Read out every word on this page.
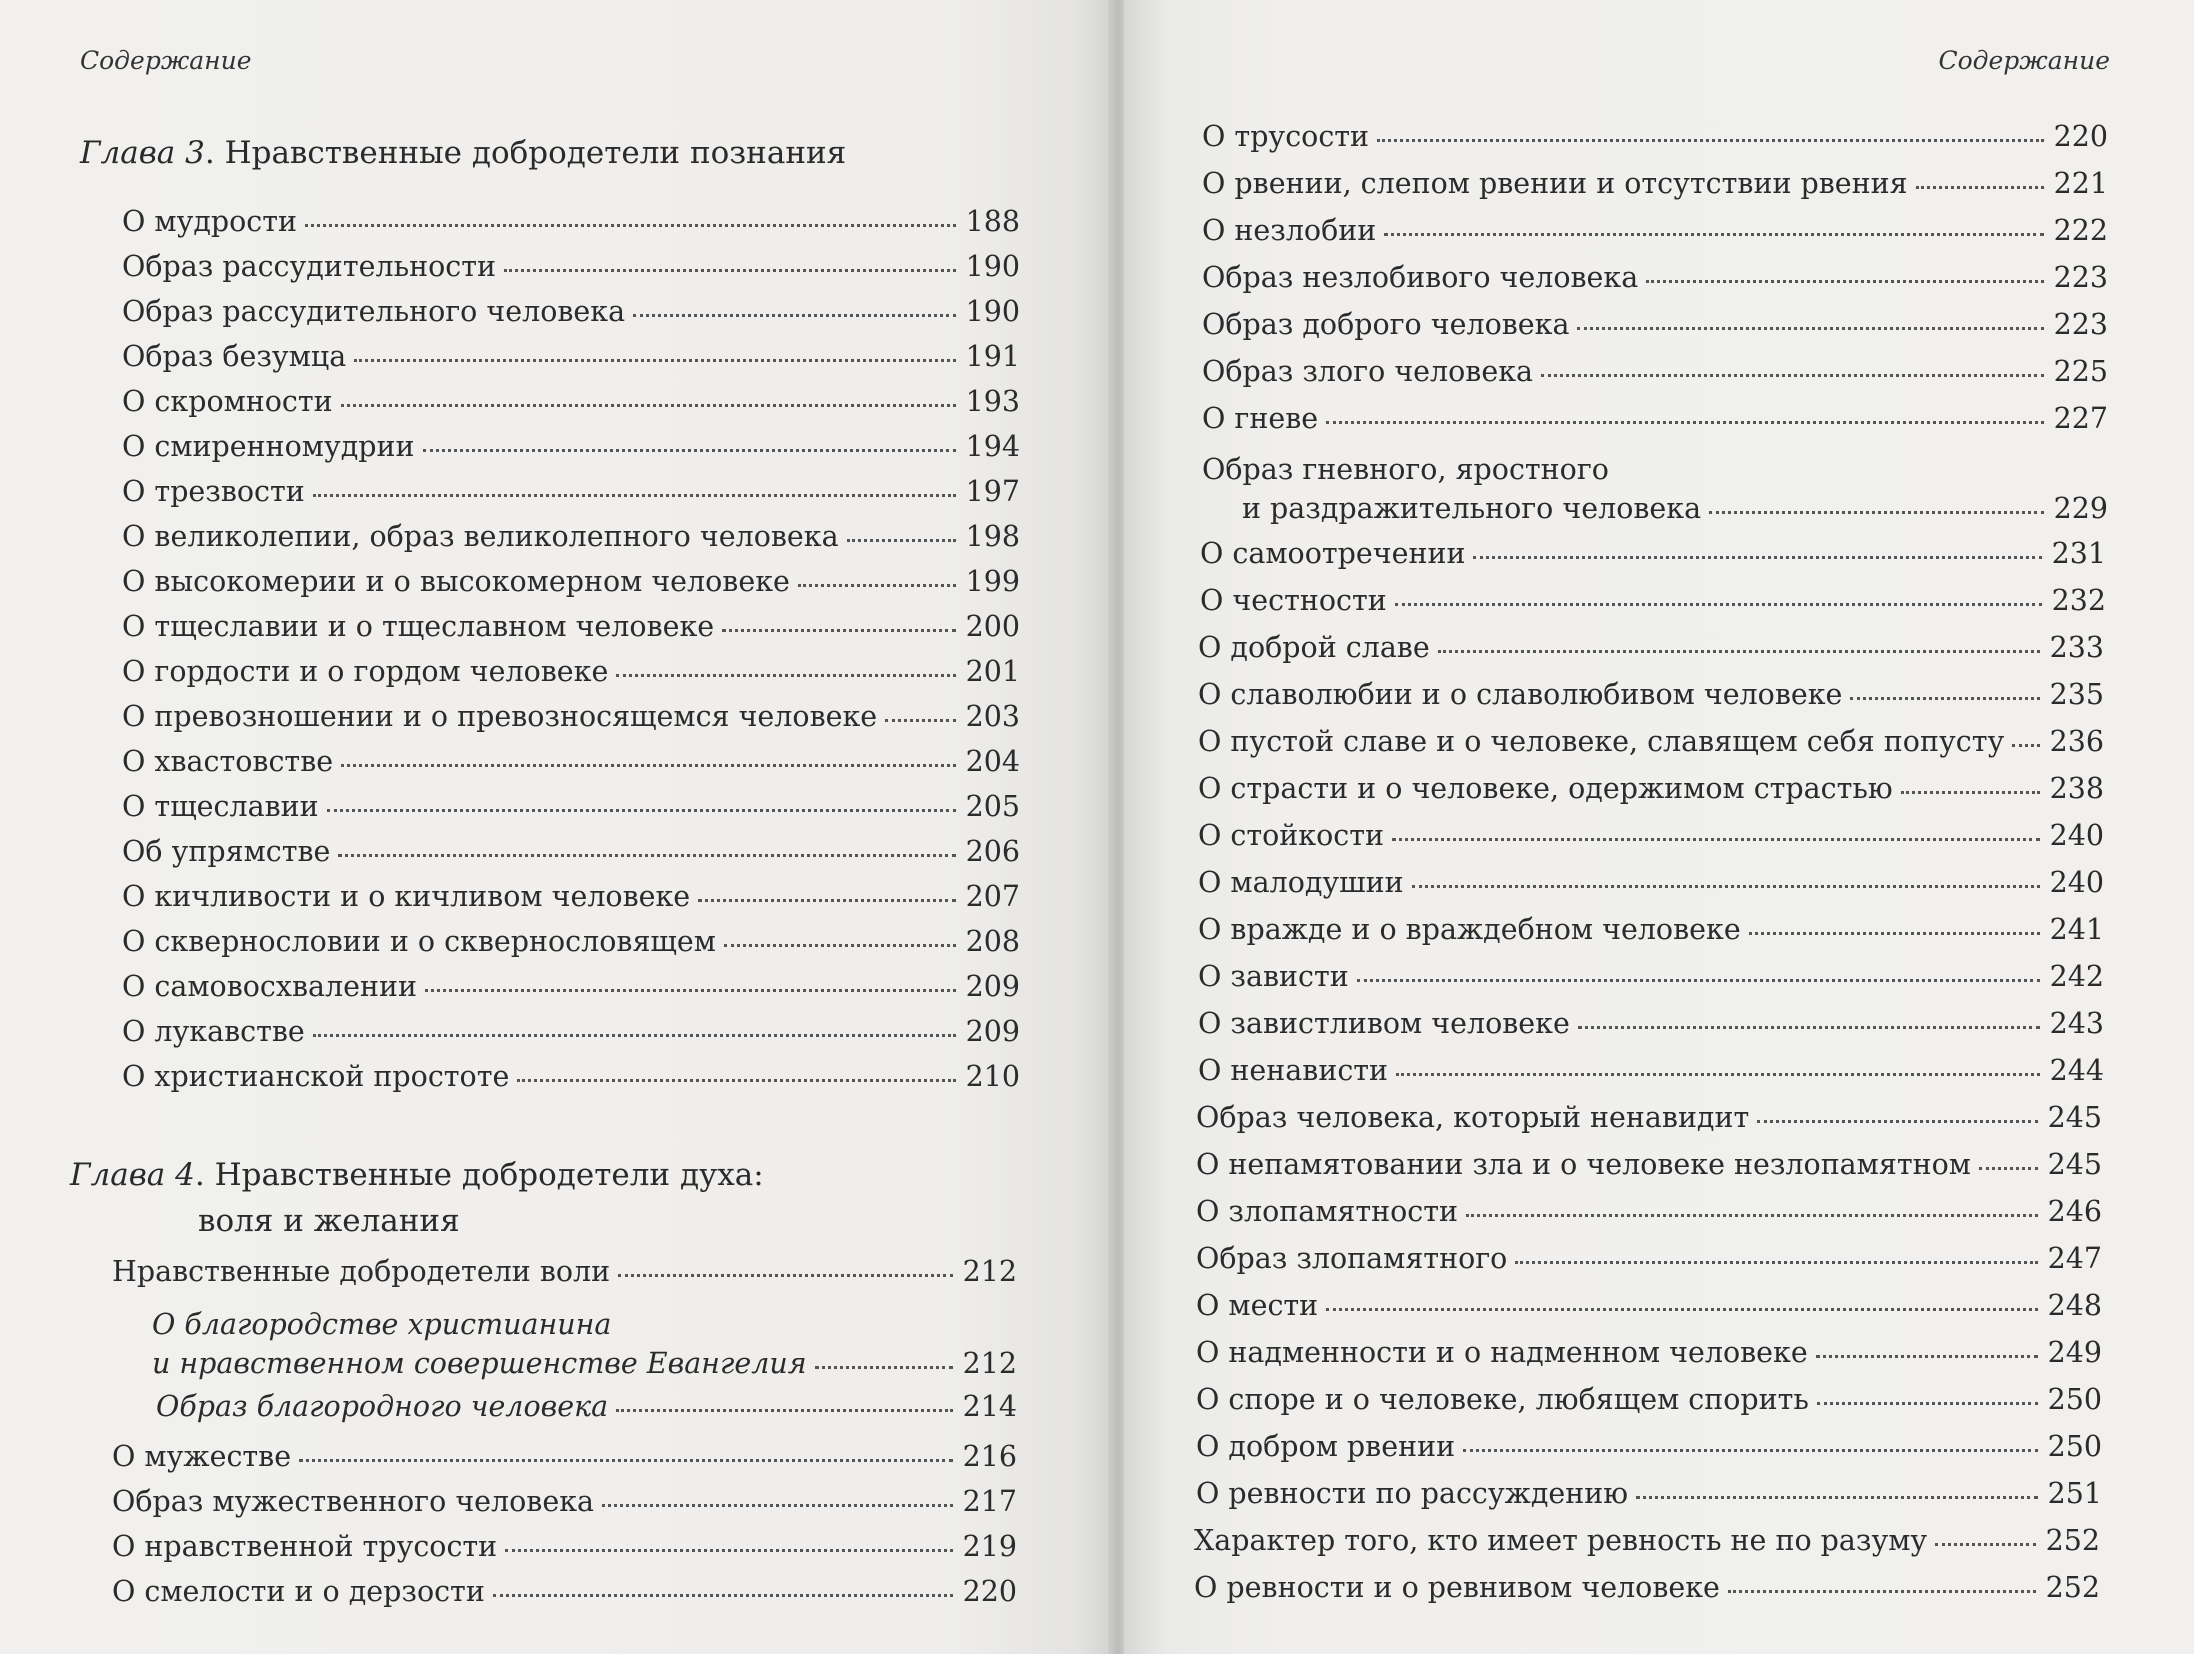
Содержание
Глава 3. Нравственные добродетели познания
О мудрости	188
Образ рассудительности	190
Образ рассудительного человека	190
Образ безумца	191
О скромности	193
О смиренномудрии	194
О трезвости	197
О великолепии, образ великолепного человека	198
О высокомерии и о высокомерном человеке	199
О тщеславии и о тщеславном человеке	200
О гордости и о гордом человеке	201
О превозношении и о превозносящемся человеке	203
О хвастовстве	204
О тщеславии	205
Об упрямстве	206
О кичливости и о кичливом человеке	207
О сквернословии и о сквернословящем	208
О самовосхвалении	209
О лукавстве	209
О христианской простоте	210
Глава 4. Нравственные добродетели духа:
воля и желания
Нравственные добродетели воли	212
О благородстве христианина
и нравственном совершенстве Евангелия	212
Образ благородного человека	214
О мужестве	216
Образ мужественного человека	217
О нравственной трусости	219
О смелости и о дерзости	220
Содержание
О трусости	220
О рвении, слепом рвении и отсутствии рвения	221
О незлобии	222
Образ незлобивого человека	223
Образ доброго человека	223
Образ злого человека	225
О гневе	227
Образ гневного, яростного
и раздражительного человека	229
О самоотречении	231
О честности	232
О доброй славе	233
О славолюбии и о славолюбивом человеке	235
О пустой славе и о человеке, славящем себя попусту 236
О страсти и о человеке, одержимом страстью	238
О стойкости	240
О малодушии	240
О вражде и о враждебном человеке	241
О зависти	242
О завистливом человеке	243
О ненависти	244
Образ человека, который ненавидит	245
О непамятовании зла и о человеке незлопамятном	245
О злопамятности	246
Образ злопамятного	247
О мести	248
О надменности и о надменном человеке	249
О споре и о человеке, любящем спорить	250
О добром рвении	250
О ревности по рассуждению	251
Характер того, кто имеет ревность не по разуму	252
О ревности и о ревнивом человеке	252
